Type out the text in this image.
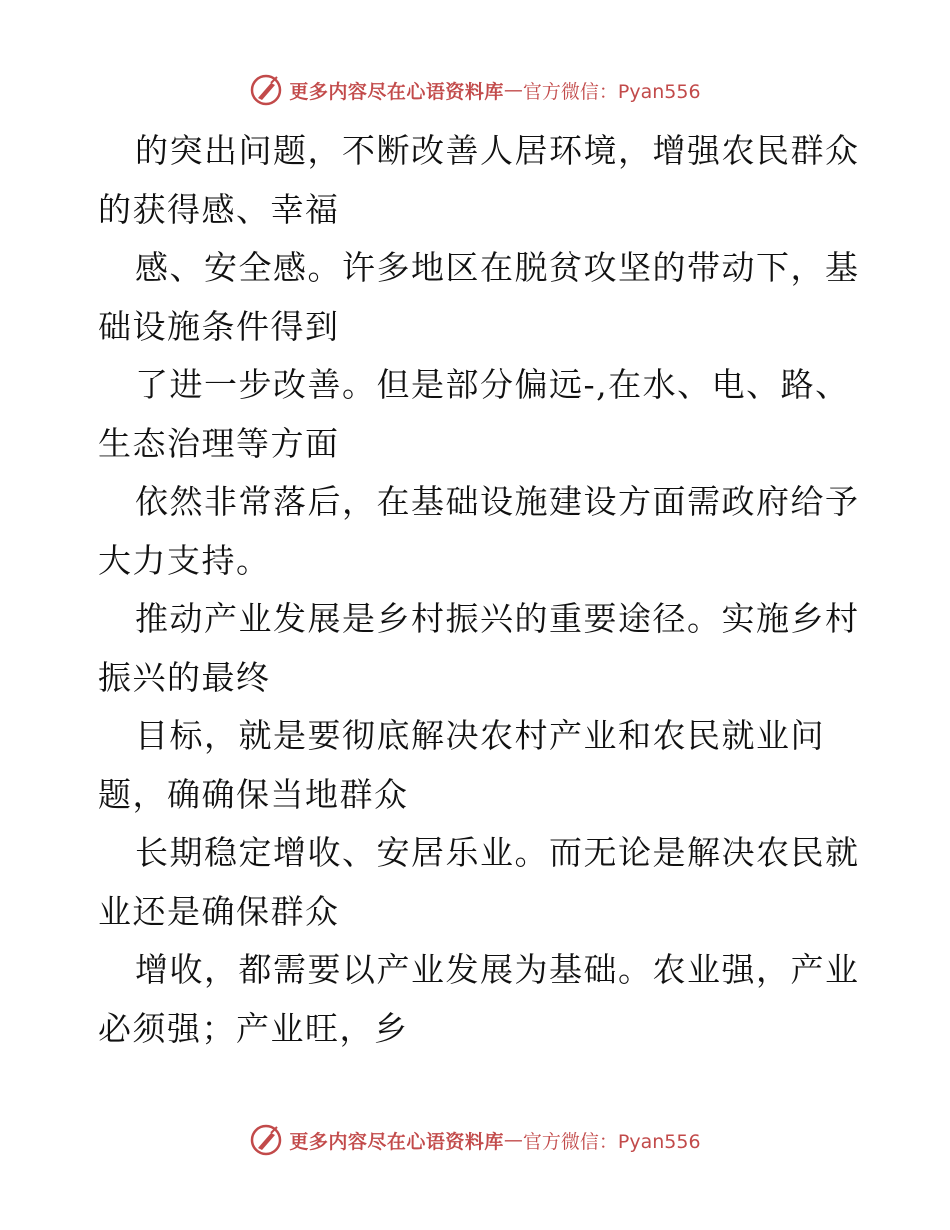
更多内容尽在心语资料库 — 官方微信：Pyan556
的突出问题，不断改善人居环境，增强农民群众
的获得感、幸福
感、安全感。许多地区在脱贫攻坚的带动下，基
础设施条件得到
了进一步改善。但是部分偏远-,在水、电、路、
生态治理等方面
依然非常落后，在基础设施建设方面需政府给予
大力支持。
推动产业发展是乡村振兴的重要途径。实施乡村
振兴的最终
目标，就是要彻底解决农村产业和农民就业问
题，确确保当地群众
长期稳定增收、安居乐业。而无论是解决农民就
业还是确保群众
增收，都需要以产业发展为基础。农业强，产业
必须强；产业旺，乡
更多内容尽在心语资料库 — 官方微信：Pyan556
